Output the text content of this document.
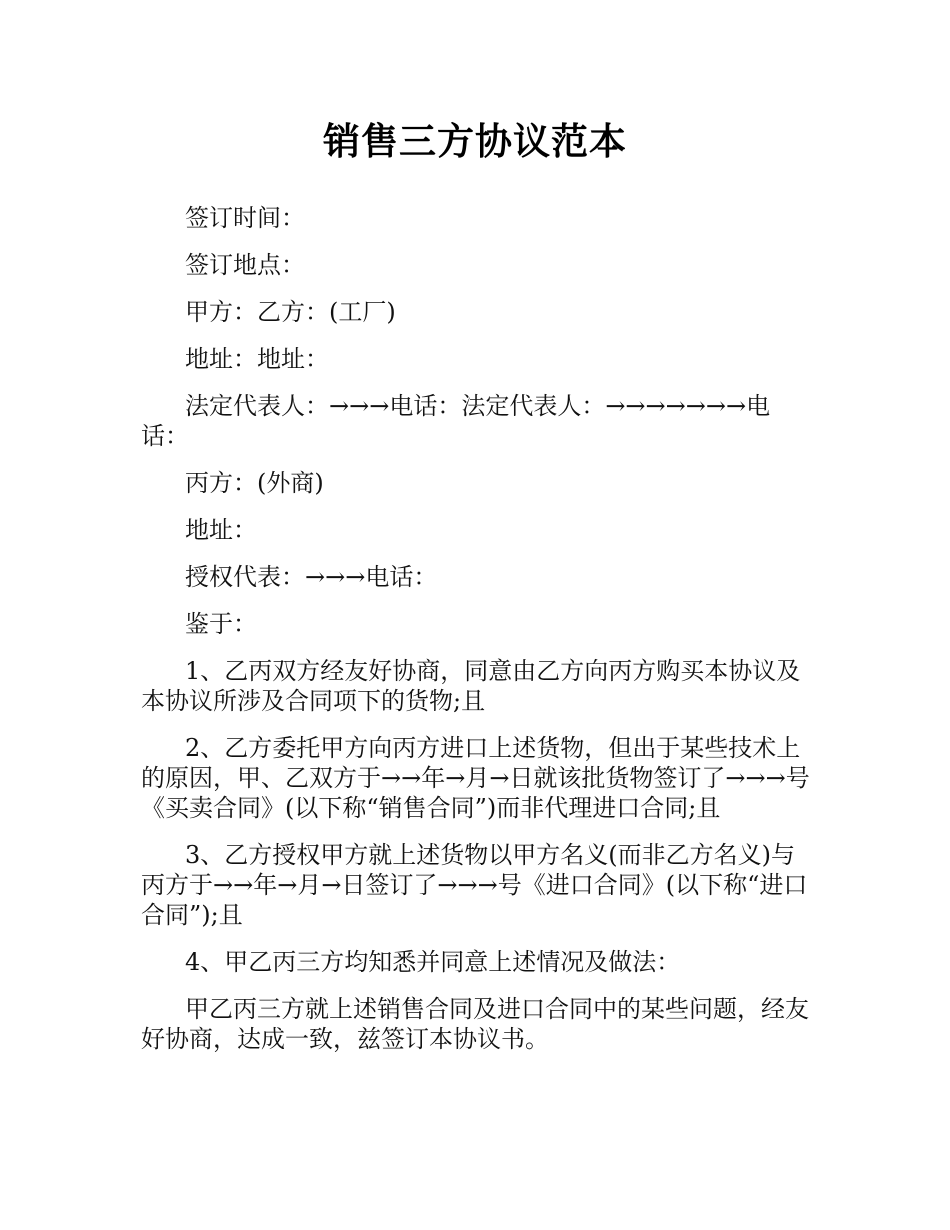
销售三方协议范本

签订时间：

签订地点：

甲方：乙方：(工厂)

地址：地址：

法定代表人：→→→电话：法定代表人：→→→→→→→电话：

丙方：(外商)

地址：

授权代表：→→→电话：

鉴于：

1、乙丙双方经友好协商，同意由乙方向丙方购买本协议及本协议所涉及合同项下的货物;且

2、乙方委托甲方向丙方进口上述货物，但出于某些技术上的原因，甲、乙双方于→→年→月→日就该批货物签订了→→→号《买卖合同》(以下称“销售合同”)而非代理进口合同;且

3、乙方授权甲方就上述货物以甲方名义(而非乙方名义)与丙方于→→年→月→日签订了→→→号《进口合同》(以下称“进口合同”);且

4、甲乙丙三方均知悉并同意上述情况及做法：

甲乙丙三方就上述销售合同及进口合同中的某些问题，经友好协商，达成一致，兹签订本协议书。
